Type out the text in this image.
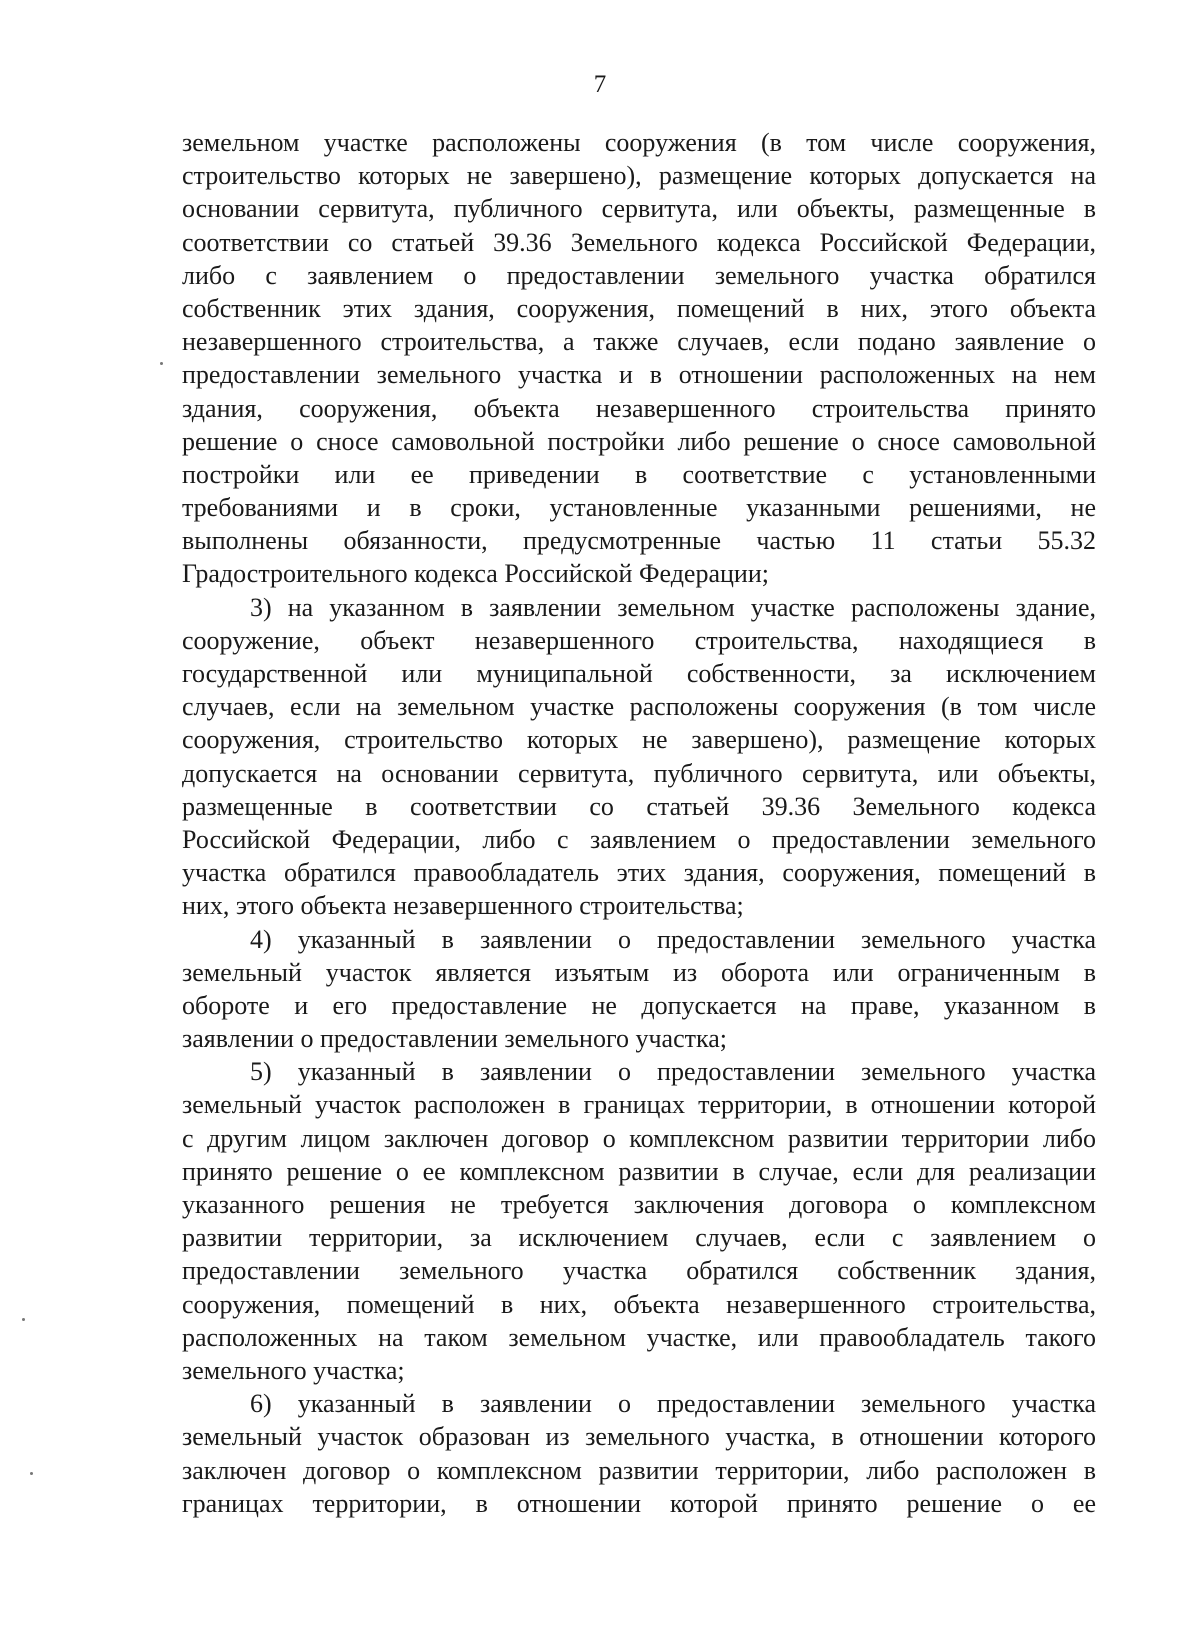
7
земельном участке расположены сооружения (в том числе сооружения,
строительство которых не завершено), размещение которых допускается на
основании сервитута, публичного сервитута, или объекты, размещенные в
соответствии со статьей 39.36 Земельного кодекса Российской Федерации,
либо с заявлением о предоставлении земельного участка обратился
собственник этих здания, сооружения, помещений в них, этого объекта
незавершенного строительства, а также случаев, если подано заявление о
предоставлении земельного участка и в отношении расположенных на нем
здания, сооружения, объекта незавершенного строительства принято
решение о сносе самовольной постройки либо решение о сносе самовольной
постройки или ее приведении в соответствие с установленными
требованиями и в сроки, установленные указанными решениями, не
выполнены обязанности, предусмотренные частью 11 статьи 55.32
Градостроительного кодекса Российской Федерации;
3) на указанном в заявлении земельном участке расположены здание,
сооружение, объект незавершенного строительства, находящиеся в
государственной или муниципальной собственности, за исключением
случаев, если на земельном участке расположены сооружения (в том числе
сооружения, строительство которых не завершено), размещение которых
допускается на основании сервитута, публичного сервитута, или объекты,
размещенные в соответствии со статьей 39.36 Земельного кодекса
Российской Федерации, либо с заявлением о предоставлении земельного
участка обратился правообладатель этих здания, сооружения, помещений в
них, этого объекта незавершенного строительства;
4) указанный в заявлении о предоставлении земельного участка
земельный участок является изъятым из оборота или ограниченным в
обороте и его предоставление не допускается на праве, указанном в
заявлении о предоставлении земельного участка;
5) указанный в заявлении о предоставлении земельного участка
земельный участок расположен в границах территории, в отношении которой
с другим лицом заключен договор о комплексном развитии территории либо
принято решение о ее комплексном развитии в случае, если для реализации
указанного решения не требуется заключения договора о комплексном
развитии территории, за исключением случаев, если с заявлением о
предоставлении земельного участка обратился собственник здания,
сооружения, помещений в них, объекта незавершенного строительства,
расположенных на таком земельном участке, или правообладатель такого
земельного участка;
6) указанный в заявлении о предоставлении земельного участка
земельный участок образован из земельного участка, в отношении которого
заключен договор о комплексном развитии территории, либо расположен в
границах территории, в отношении которой принято решение о ее
